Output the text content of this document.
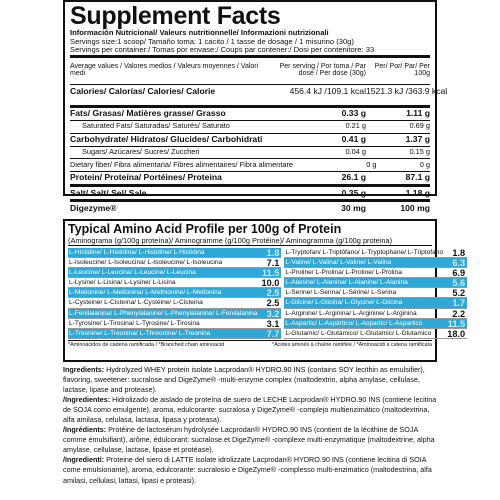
Supplement Facts
Información Nutricional/ Valeurs nutritionnelle/ Informazioni nutrizionali
Servings size:1 scoop/ Tamaño toma: 1 cacito / 1 tasse de dosage / 1 misurino (30g)
Servings per container:/ Tomas por envase:/ Coups par contener:/ Dosi per contenitore: 33
Average values / Valores medios / Valeurs moyennes / Valori medi
Per serving / Por toma / Par dose / Per dose (30g)
Per/ Por/ Par/ Per 100g
Calories/ Calorías/ Calories/ Calorie	456.4 kJ /109.1 kcal 1521.3 kJ /363.9 kcal
Fats/ Grasas/ Matières grasse/ Grasso	0.33 g	1.11 g
Saturated Fats/ Saturadas/ Saturés/ Saturato	0.21 g	0.69 g
Carbohydrate/ Hidratos/ Glucides/ Carbohidrati	0.41 g	1.37 g
Sugars/ Azúcares/ Sucres/ Zuccheri	0.04 g	0.15 g
Dietary fiber/ Fibra alimentaria/ Fibres alimentaires/ Fibra alimentare	0 g	0 g
Protein/ Proteína/ Portéines/ Proteina	26.1 g	87.1 g
Salt/ Salt/ Sel/ Sale	0.35 g	1.18 g
Digezyme®	30 mg	100 mg
Typical Amino Acid Profile per 100g of Protein
(Aminograma (g/100g proteína)/ Aminogramme (g/100g Protéine)/ Aminogramma (g/100g proteina)
L-Histidine/ L-Histidina/ L-Histidine/ L-Histidina	1.8
L-Isoleucine/ L-Isoleucina/ L-Isoleucine/ L-Isoleucina	7.1
L-Leucine/ L-Leucina/ L-Leucine/ L-Leucina	11.5
L-Lysine/ L-Lisina/ L-Lysine/ L-Lisina	10.0
L-Metionine/ L-Metionina/ L-Methionine/ L-Metionina	2.5
L-Cysteine/ L-Cisteína/ L-Cystéine/ L-Cisteina	2.5
L-Fenilalanina/ L-Phenylalanine/ L-Phenylalanine/ L-Fenilalanina	3.2
L-Tyrosine/ L-Tirosina/ L-Tyrosine/ L-Tirosina	3.1
L-Treonine/ L-Treonina/ L-Threonine/ L-Treonina	7.7
L-Tryptofan/ L-Triptófano/ L-Tryptophane/ L-Triptofano	1.8
L-Valine/ L-Valina/ L-Valine/ L-Valina	6.3
L-Proline/ L-Prolina/ L-Proline/ L-Prolina	6.9
L-Alanine/ L-Alanina/ L-Alanine/ L-Alanina	5.6
L-Serine/ L-Serina/ L-Sérine/ L-Serina	5.2
L-Glicine/ L-Glicina/ L-Glycine/ L-Glicina	1.7
L-Arginine/ L-Arginina/ L-Arginine/ L-Arginina	2.2
L-Aspartic/ L-Aspártico/ L-Aspartic/ L-Aspartico	11.5
L-Glutamic/ L-Glutámico/ L-Glutamic/ L-Glutamico	18.0
*Aminoácidos de cadena ramificada / *Branched chain aminoacid	*Acides aminés à chaîne ramifiée / *Aminoacidi a catena ramificata

Ingredients: Hydrolyzed WHEY protein isolate Lacprodan® HYDRO.90 INS (contains SOY lecithin as emulsifier), flavoring, sweetener: sucralose and DigeZyme® -multi-enzyme complex (maltodextrin, alpha amylase, cellulase, lactase, lipase and protease).

/Ingredientes: Hidrolizado de aislado de proteína de suero de LECHE Lacprodan® HYDRO.90 INS (contiene lecitina de SOJA como emulgente), aroma, edulcorante: sucralosa y DigeZyme® -complejo multienzimático (maltodextrina, alfa amilasa, celulasa, lactasa, lipasa y proteasa).

/Ingrédients: Protéine de lactosérum hydrolysée Lacprodan® HYDRO.90 INS (contient de la lécithine de SOJA comme émulsifiant), arôme, édulcorant: sucralose et DigeZyme® -complexe multi-enzymatique (maltodextrine, alpha amylase, cellulase, lactase, lipase et protéase).

/Ingredienti: Proteine del siero di LATTE isolate idrolizzate Lacprodan® HYDRO.90 INS (contiene lecitina di SOIA come emulsionante), aroma, edulcorante: sucralosio e DigeZyme® -complesso multi-enzimatico (maltodestrina, alfa amilasi, cellulasi, lattasi, lipasi e proteasi).
